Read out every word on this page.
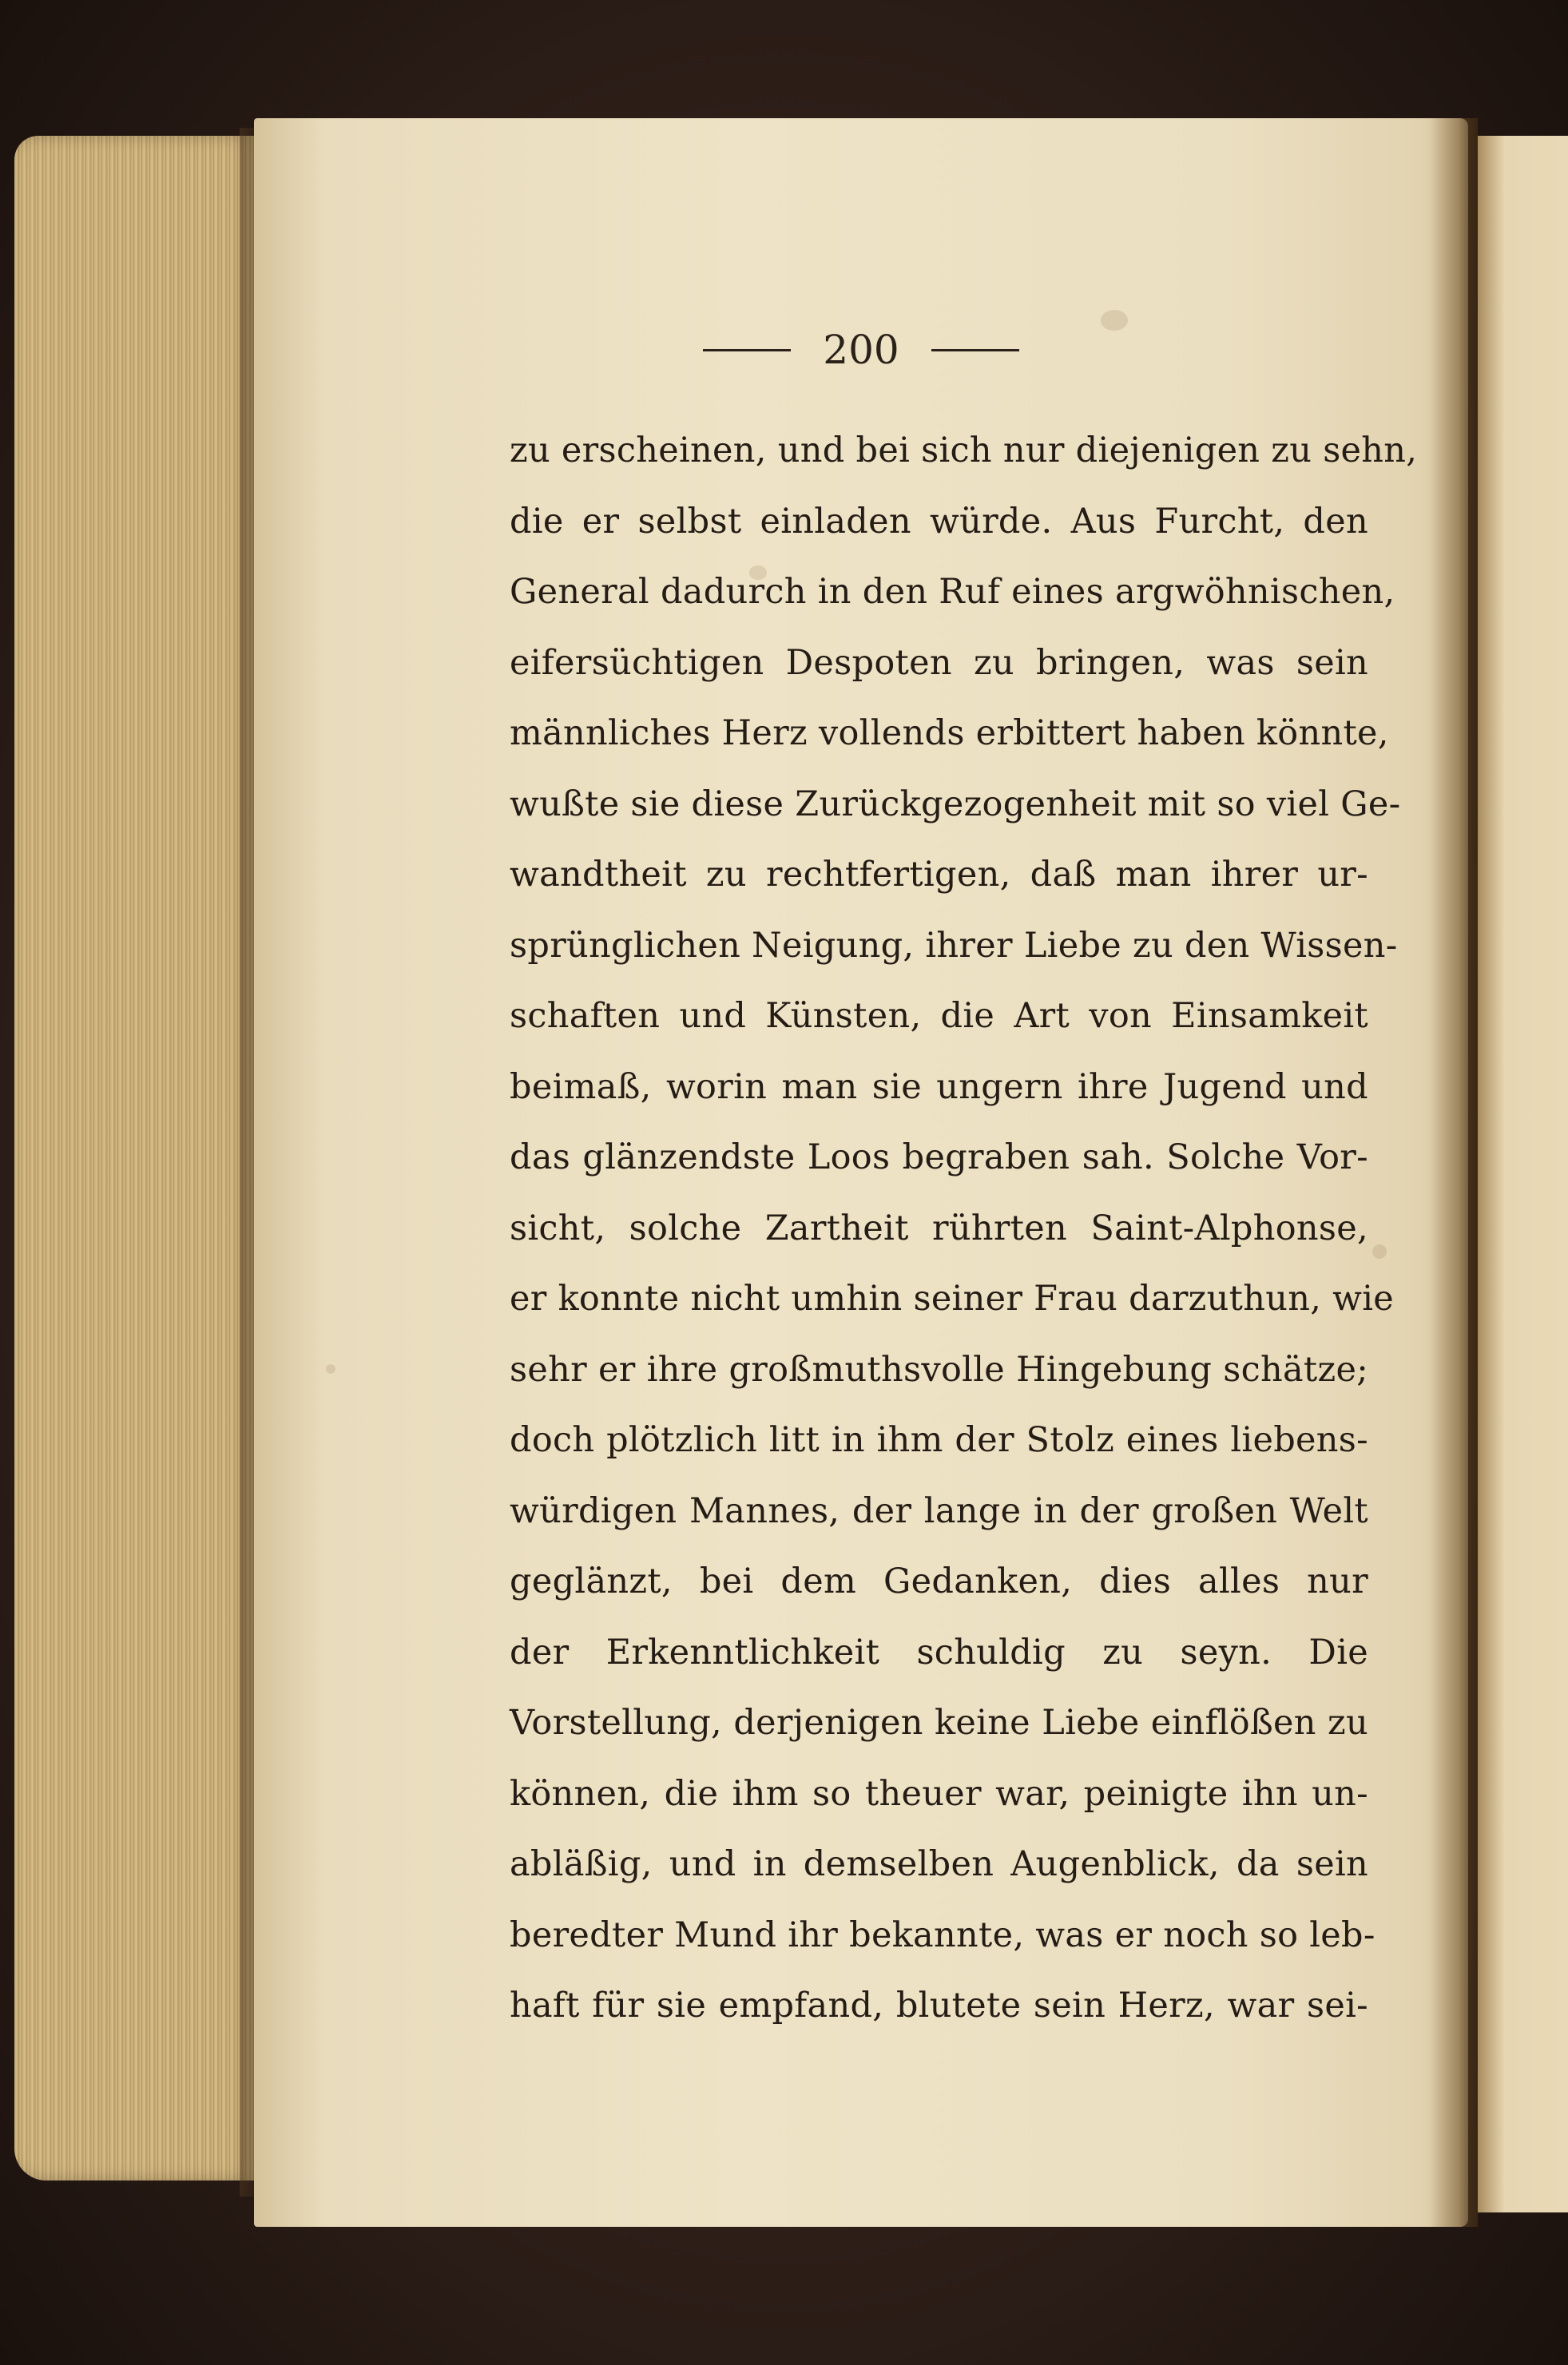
200
zu erscheinen, und bei sich nur diejenigen zu sehn,
die er selbst einladen würde. Aus Furcht, den
General dadurch in den Ruf eines argwöhnischen,
eifersüchtigen Despoten zu bringen, was sein
männliches Herz vollends erbittert haben könnte,
wußte sie diese Zurückgezogenheit mit so viel Ge-
wandtheit zu rechtfertigen, daß man ihrer ur-
sprünglichen Neigung, ihrer Liebe zu den Wissen-
schaften und Künsten, die Art von Einsamkeit
beimaß, worin man sie ungern ihre Jugend und
das glänzendste Loos begraben sah. Solche Vor-
sicht, solche Zartheit rührten Saint-Alphonse,
er konnte nicht umhin seiner Frau darzuthun, wie
sehr er ihre großmuthsvolle Hingebung schätze;
doch plötzlich litt in ihm der Stolz eines liebens-
würdigen Mannes, der lange in der großen Welt
geglänzt, bei dem Gedanken, dies alles nur
der Erkenntlichkeit schuldig zu seyn. Die
Vorstellung, derjenigen keine Liebe einflößen zu
können, die ihm so theuer war, peinigte ihn un-
abläßig, und in demselben Augenblick, da sein
beredter Mund ihr bekannte, was er noch so leb-
haft für sie empfand, blutete sein Herz, war sei-
